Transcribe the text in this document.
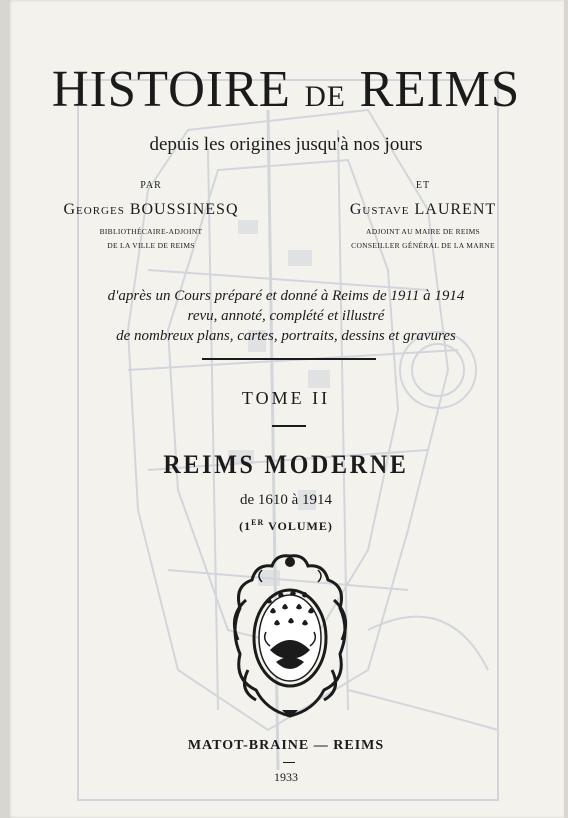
HISTOIRE DE REIMS
depuis les origines jusqu'à nos jours
PAR
Georges BOUSSINESQ
BIBLIOTHÉCAIRE-ADJOINT
DE LA VILLE DE REIMS
ET
Gustave LAURENT
ADJOINT AU MAIRE DE REIMS
CONSEILLER GÉNÉRAL DE LA MARNE
d'après un Cours préparé et donné à Reims de 1911 à 1914
revu, annoté, complété et illustré
de nombreux plans, cartes, portraits, dessins et gravures
TOME II
REIMS MODERNE
de 1610 à 1914
(1ER VOLUME)
MATOT-BRAINE — REIMS
1933
